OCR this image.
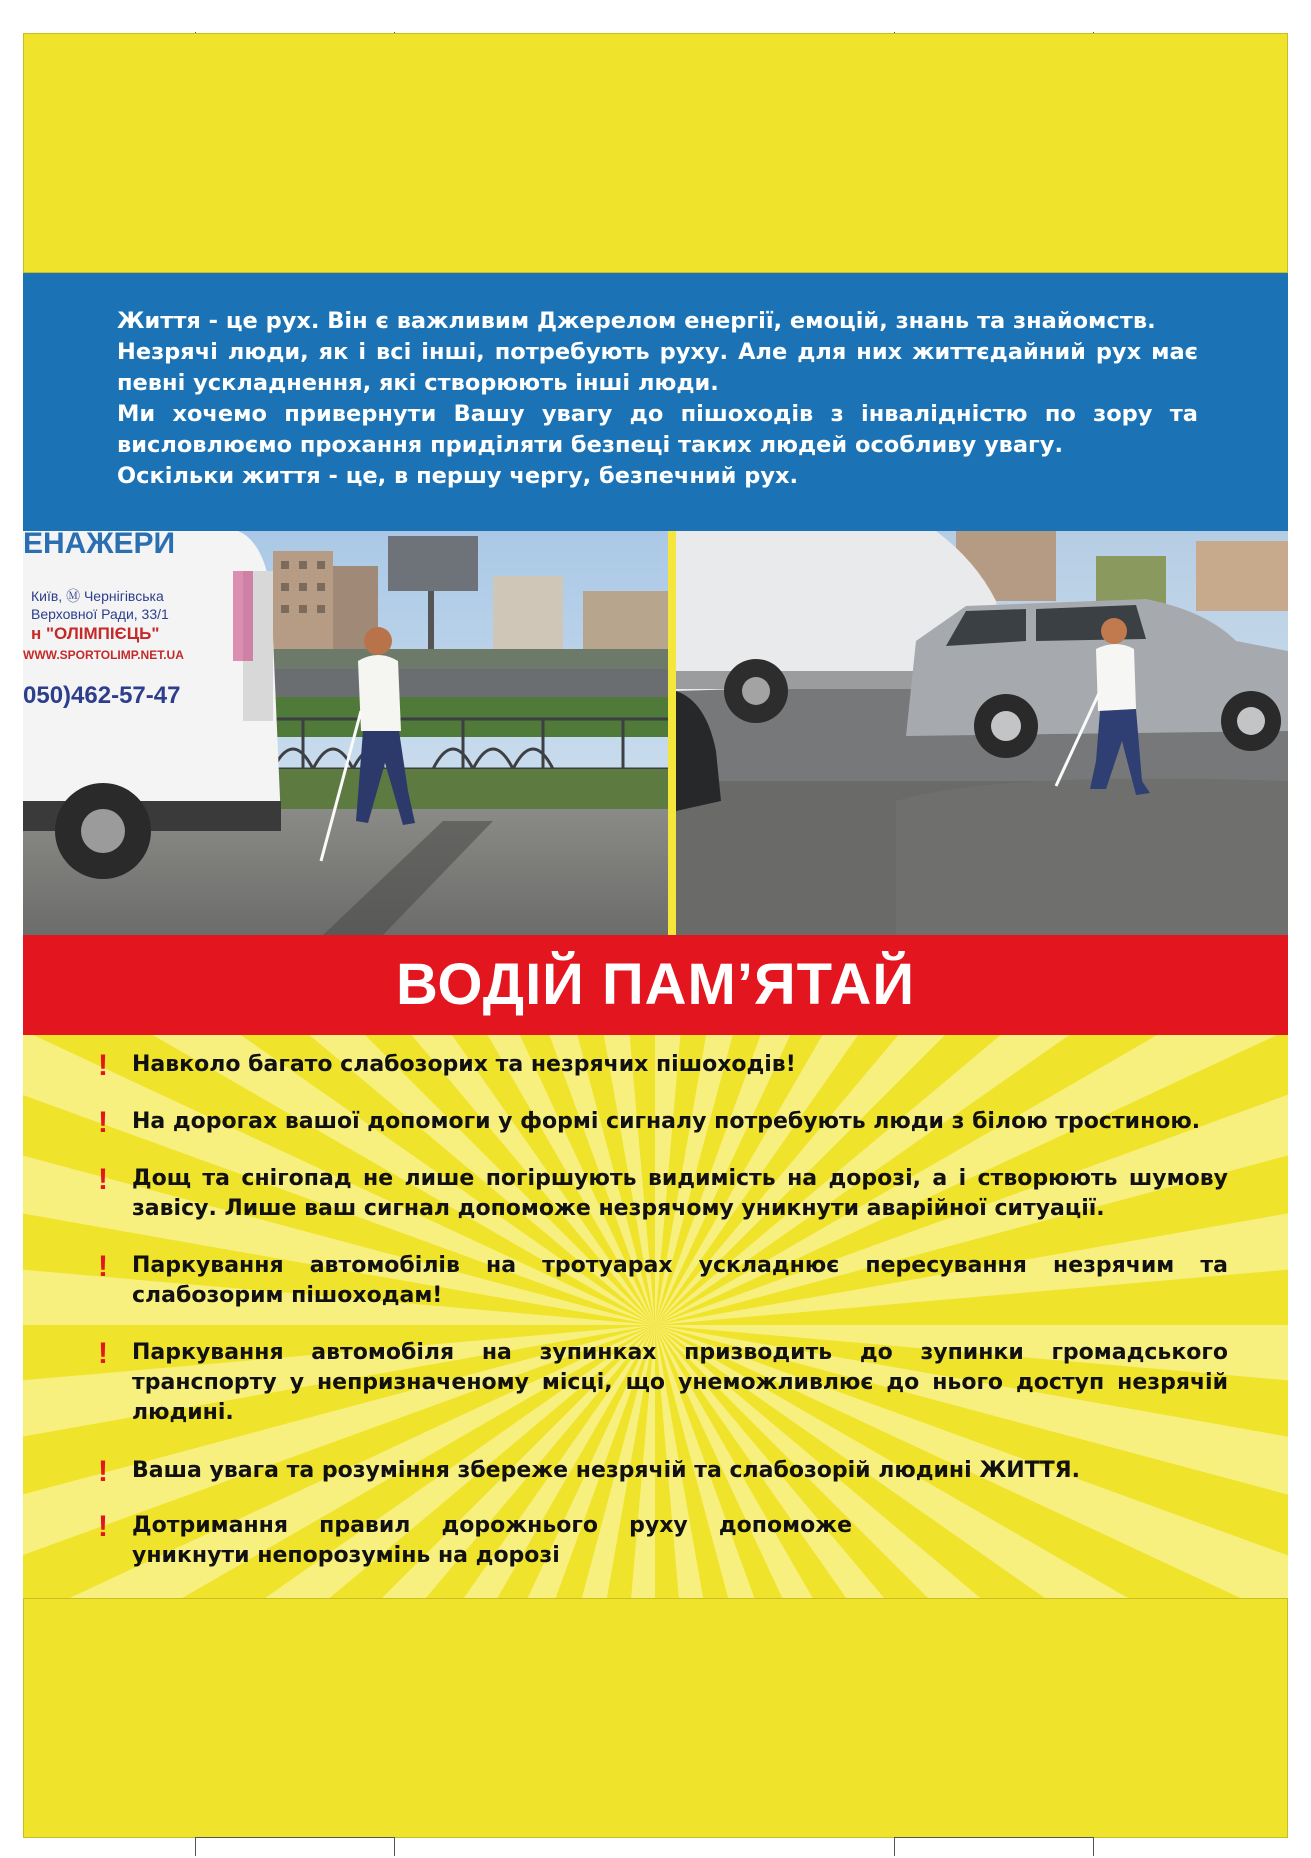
Життя - це рух. Він є важливим Джерелом енергії, емоцій, знань та знайомств.

Незрячі люди, як і всі інші, потребують руху. Але для них життєдайний рух має певні ускладнення, які створюють інші люди.

Ми хочемо привернути Вашу увагу до пішоходів з інвалідністю по зору та висловлюємо прохання приділяти безпеці таких людей особливу увагу.

Оскільки життя - це, в першу чергу, безпечний рух.

ЕНАЖЕРИ
Київ, Ⓜ Чернігівська
Верховної Ради, 33/1
н "ОЛІМПІЄЦЬ"
WWW.SPORTOLIMP.NET.UA
050)462-57-47
ВОДІЙ ПАМ’ЯТАЙ
! Навколо багато слабозорих та незрячих пішоходів!

! На дорогах вашої допомоги у формі сигналу потребують люди з білою тростиною.

! Дощ та снігопад не лише погіршують видимість на дорозі, а і створюють шумову завісу. Лише ваш сигнал допоможе незрячому уникнути аварійної ситуації.

! Паркування автомобілів на тротуарах ускладнює пересування незрячим та слабозорим пішоходам!

! Паркування автомобіля на зупинках призводить до зупинки громадського транспорту у непризначеному місці, що унеможливлює до нього доступ незрячій людині.

! Ваша увага та розуміння збереже незрячій та слабозорій людині ЖИТТЯ.

! Дотримання правил дорожнього руху допоможе уникнути непорозумінь на дорозі
